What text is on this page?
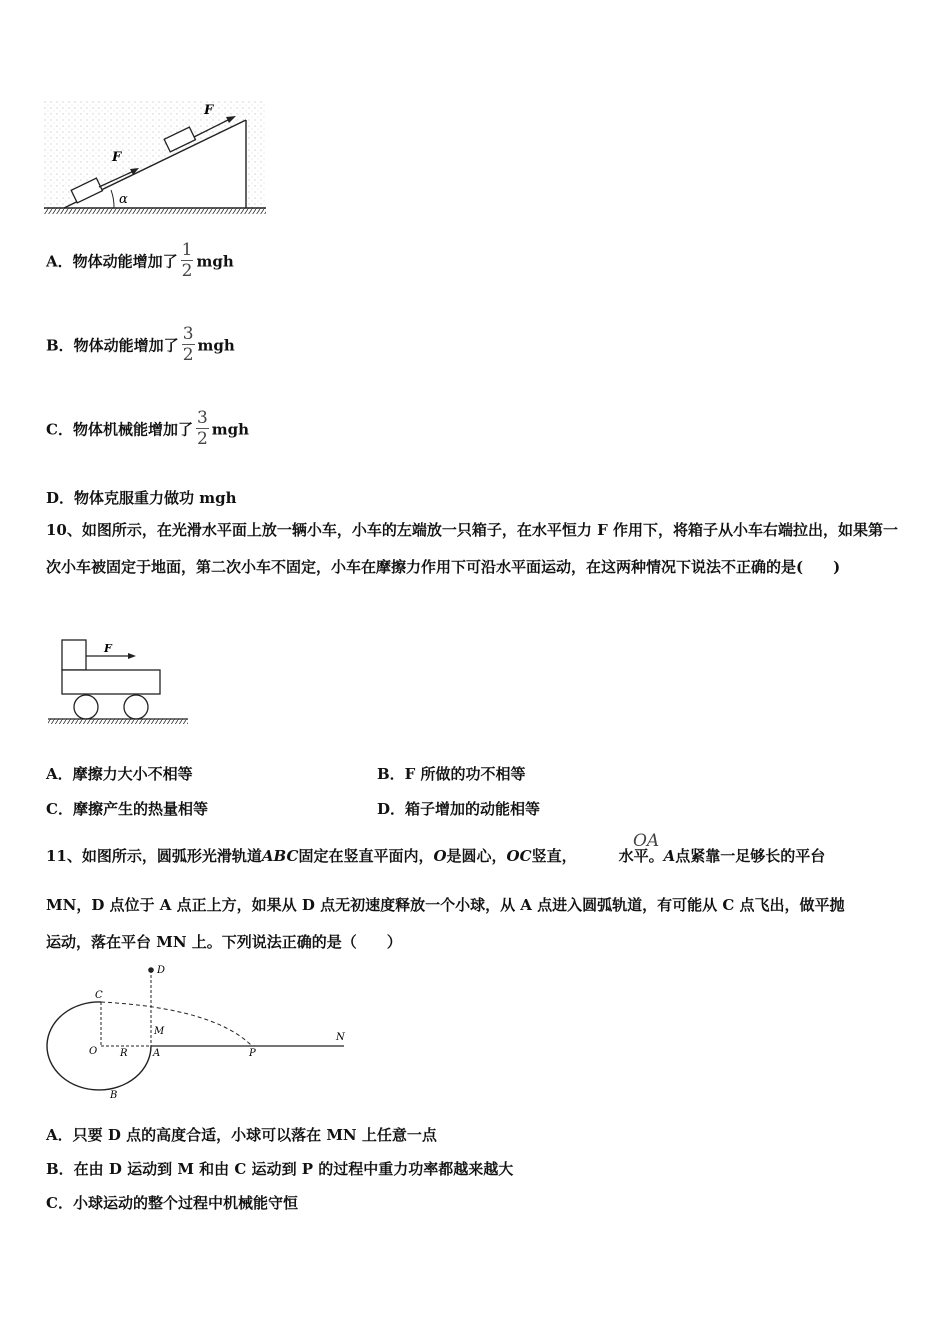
F
F
α
A．物体动能增加了 $\frac{1}{2}$ mgh
B．物体动能增加了 $\frac{3}{2}$ mgh
C．物体机械能增加了 $\frac{3}{2}$ mgh
D．物体克服重力做功 mgh
10、如图所示，在光滑水平面上放一辆小车，小车的左端放一只箱子，在水平恒力 F 作用下，将箱子从小车右端拉出，如果第一次小车被固定于地面，第二次小车不固定，小车在摩擦力作用下可沿水平面运动，在这两种情况下说法不正确的是(　　)
F
A．摩擦力大小不相等	B．F 所做的功不相等
C．摩擦产生的热量相等	D．箱子增加的动能相等
11、如图所示，圆弧形光滑轨道ABC固定在竖直平面内，O是圆心，OC竖直，	水平。A点紧靠一足够长的平台
OA
MN，D 点位于 A 点正上方，如果从 D 点无初速度释放一个小球，从 A 点进入圆弧轨道，有可能从 C 点飞出，做平抛
运动，落在平台 MN 上。下列说法正确的是（　　）
D
C
M
O R	A	P
N
B
A．只要 D 点的高度合适，小球可以落在 MN 上任意一点
B．在由 D 运动到 M 和由 C 运动到 P 的过程中重力功率都越来越大
C．小球运动的整个过程中机械能守恒
